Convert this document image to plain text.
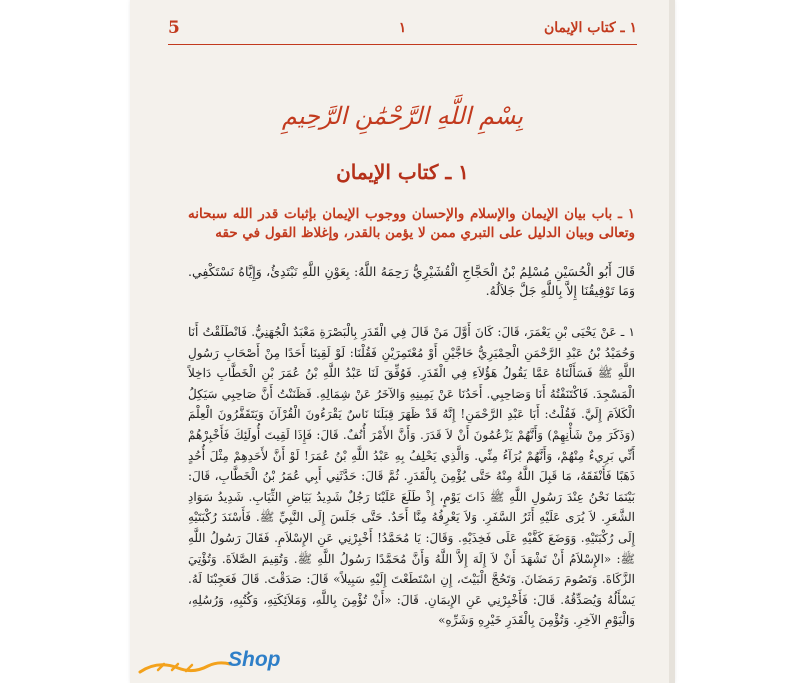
١ ـ كتاب الإيمان
١
5
بِسْمِ اللَّهِ الرَّحْمَٰنِ الرَّحِيمِ
١ ـ كتاب الإيمان
١ ـ باب بيان الإيمان والإسلام والإحسان ووجوب الإيمان بإثبات قدر الله سبحانه وتعالى وبيان الدليل على التبري ممن لا يؤمن بالقدر، وإغلاظ القول في حقه
قَالَ أَبُو الْحُسَيْنِ مُسْلِمُ بْنُ الْحَجَّاجِ الْقُشَيْرِيُّ رَحِمَهُ اللَّهُ: بِعَوْنِ اللَّهِ نَبْتَدِئُ، وَإِيَّاهُ نَسْتَكْفِي. وَمَا تَوْفِيقُنَا إِلاَّ بِاللَّهِ جَلَّ جَلاَلُهُ.
١ ـ عَنْ يَحْيَى بْنِ يَعْمَرَ، قَالَ: كَانَ أَوَّلَ مَنْ قَالَ فِي الْقَدَرِ بِالْبَصْرَةِ مَعْبَدٌ الْجُهَنِيُّ. فَانْطَلَقْتُ أَنَا وَحُمَيْدُ بْنُ عَبْدِ الرَّحْمَنِ الْحِمْيَرِيُّ حَاجَّيْنِ أَوْ مُعْتَمِرَيْنِ فَقُلْنَا: لَوْ لَقِينَا أَحَدًا مِنْ أَصْحَابِ رَسُولِ اللَّهِ ﷺ فَسَأَلْنَاهُ عَمَّا يَقُولُ هَؤُلاَءِ فِي الْقَدَرِ. فَوُفِّقَ لَنَا عَبْدُ اللَّهِ بْنُ عُمَرَ بْنِ الْخَطَّابِ دَاخِلاً الْمَسْجِدَ. فَاكْتَنَفْتُهُ أَنَا وَصَاحِبِي. أَحَدُنَا عَنْ يَمِينِهِ وَالآخَرُ عَنْ شِمَالِهِ. فَظَنَنْتُ أَنَّ صَاحِبِي سَيَكِلُ الْكَلاَمَ إِلَيَّ. فَقُلْتُ: أَبَا عَبْدِ الرَّحْمَنِ! إِنَّهُ قَدْ ظَهَرَ قِبَلَنَا نَاسٌ يَقْرَءُونَ الْقُرْآنَ وَيَتَقَفَّرُونَ الْعِلْمَ (وَذَكَرَ مِنْ شَأْنِهِمْ) وَأَنَّهُمْ يَزْعُمُونَ أَنْ لاَ قَدَرَ. وَأَنَّ الأَمْرَ أُنُفٌ. قَالَ: فَإِذَا لَقِيتَ أُولَئِكَ فَأَخْبِرْهُمْ أَنِّي بَرِيءٌ مِنْهُمْ، وَأَنَّهُمْ بُرَآءُ مِنِّي. وَالَّذِي يَحْلِفُ بِهِ عَبْدُ اللَّهِ بْنُ عُمَرَ! لَوْ أَنَّ لأَحَدِهِمْ مِثْلَ أُحُدٍ ذَهَبًا فَأَنْفَقَهُ، مَا قَبِلَ اللَّهُ مِنْهُ حَتَّى يُؤْمِنَ بِالْقَدَرِ. ثُمَّ قَالَ: حَدَّثَنِي أَبِي عُمَرُ بْنُ الْخَطَّابِ، قَالَ: بَيْنَمَا نَحْنُ عِنْدَ رَسُولِ اللَّهِ ﷺ ذَاتَ يَوْمٍ، إِذْ طَلَعَ عَلَيْنَا رَجُلٌ شَدِيدُ بَيَاضِ الثِّيَابِ. شَدِيدُ سَوَادِ الشَّعَرِ. لاَ يُرَى عَلَيْهِ أَثَرُ السَّفَرِ. وَلاَ يَعْرِفُهُ مِنَّا أَحَدٌ. حَتَّى جَلَسَ إِلَى النَّبِيِّ ﷺ. فَأَسْنَدَ رُكْبَتَيْهِ إِلَى رُكْبَتَيْهِ. وَوَضَعَ كَفَّيْهِ عَلَى فَخِذَيْهِ. وَقَالَ: يَا مُحَمَّدُ! أَخْبِرْنِي عَنِ الإِسْلاَمِ. فَقَالَ رَسُولُ اللَّهِ ﷺ: «الإِسْلاَمُ أَنْ تَشْهَدَ أَنْ لاَ إِلَهَ إِلاَّ اللَّهُ وَأَنَّ مُحَمَّدًا رَسُولُ اللَّهِ ﷺ. وَتُقِيمَ الصَّلاَةَ. وَتُؤْتِيَ الزَّكَاةَ. وَتَصُومَ رَمَضَانَ. وَتَحُجَّ الْبَيْتَ، إِنِ اسْتَطَعْتَ إِلَيْهِ سَبِيلاً» قَالَ: صَدَقْتَ. قَالَ فَعَجِبْنَا لَهُ. يَسْأَلُهُ وَيُصَدِّقُهُ. قَالَ: فَأَخْبِرْنِي عَنِ الإِيمَانِ. قَالَ: «أَنْ تُؤْمِنَ بِاللَّهِ، وَمَلاَئِكَتِهِ، وَكُتُبِهِ، وَرُسُلِهِ، وَالْيَوْمِ الآخِرِ. وَتُؤْمِنَ بِالْقَدَرِ خَيْرِهِ وَشَرِّهِ»
Shop
